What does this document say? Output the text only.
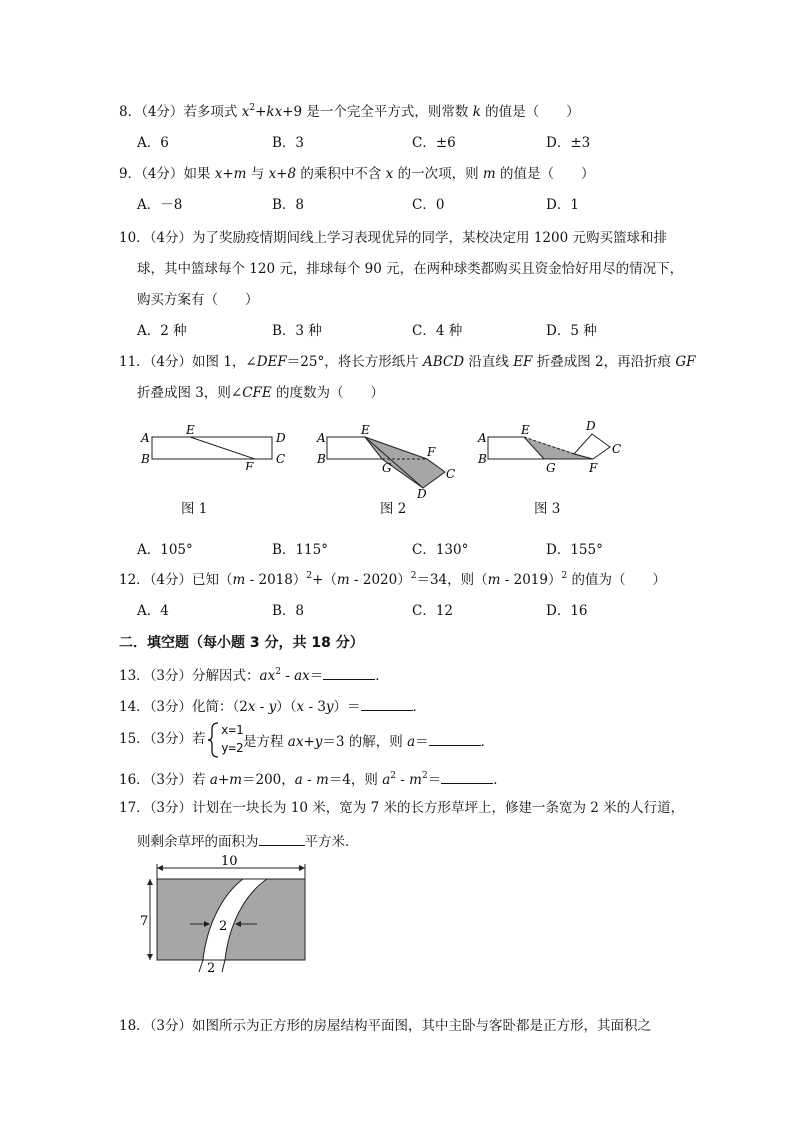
8．（4分）若多项式 $x^2+kx+9$ 是一个完全平方式，则常数 k 的值是（　　）
A．6	B．3	C．±6	D．±3
9．（4分）如果 x+m 与 x+8 的乘积中不含 x 的一次项，则 m 的值是（　　）
A．－8	B．8	C．0	D．1
10．（4分）为了奖励疫情期间线上学习表现优异的同学，某校决定用 1200 元购买篮球和排
球，其中篮球每个 120 元，排球每个 90 元，在两种球类都购买且资金恰好用尽的情况下，
购买方案有（　　）
A．2 种	B．3 种	C．4 种	D．5 种
11．（4分）如图 1，∠DEF＝25°，将长方形纸片 ABCD 沿直线 EF 折叠成图 2，再沿折痕 GF
折叠成图 3，则∠CFE 的度数为（　　）
A
B
E
D
C
F
图 1
A
B
E
F
G	C
D
图 2
A
B
E	D
C
G	F
图 3
A．105°	B．115°	C．130°	D．155°
12．（4分）已知（m - 2018）$^2$+（m - 2020）$^2$＝34，则（m - 2019）$^2$ 的值为（　　）
A．4	B．8	C．12	D．16
二．填空题（每小题 3 分，共 18 分）
13．（3分）分解因式：$ax^2 - ax=$	．
14．（3分）化简：（2x - y）（x - 3y）＝	．
15．（3分）若
x=1
y=2 是方程 ax+y＝3 的解，则 a＝	．
16．（3分）若 a+m＝200，a - m＝4，则 $a^2 - m^2=$	．
17．（3分）计划在一块长为 10 米，宽为 7 米的长方形草坪上，修建一条宽为 2 米的人行道，
则剩余草坪的面积为	平方米．
10
7	2
2
18．（3分）如图所示为正方形的房屋结构平面图，其中主卧与客卧都是正方形，其面积之
